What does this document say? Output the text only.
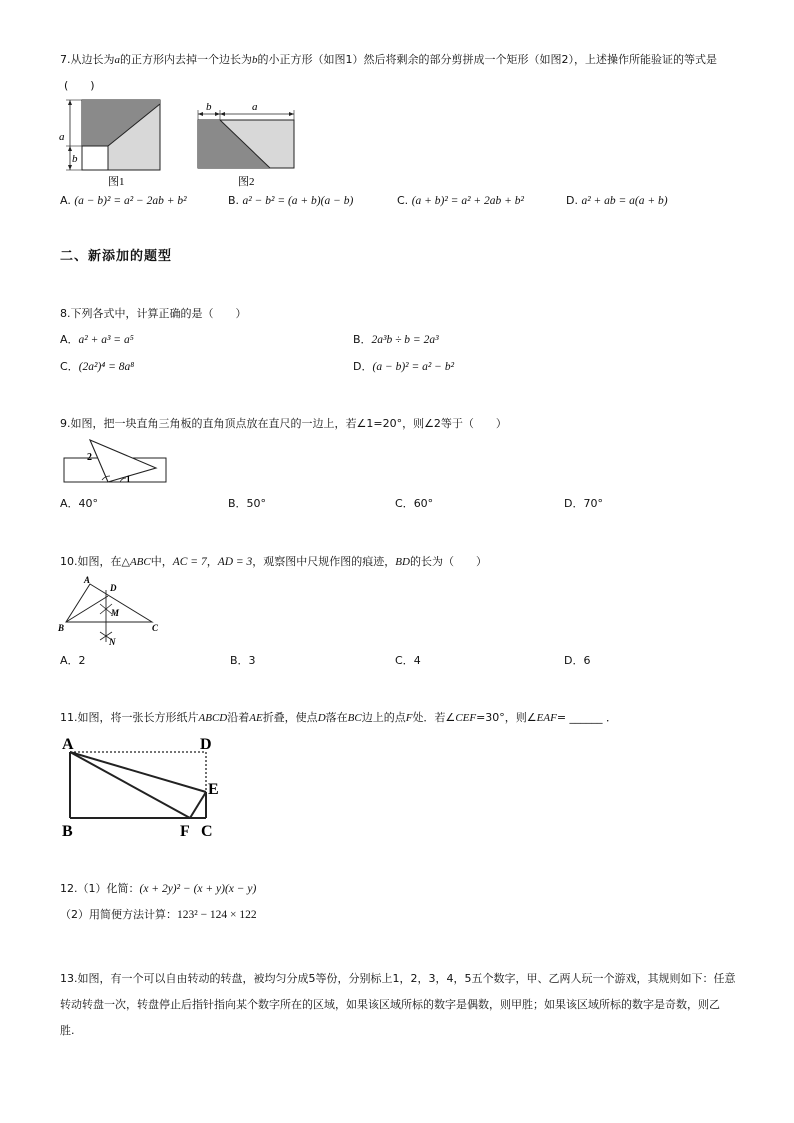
7.从边长为a的正方形内去掉一个边长为b的小正方形（如图1）然后将剩余的部分剪拼成一个矩形（如图2），上述操作所能验证的等式是
(　　)
a
b
图1
b	a
图2
A. (a − b)² = a² − 2ab + b²	B. a² − b² = (a + b)(a − b)	C. (a + b)² = a² + 2ab + b²	D. a² + ab = a(a + b)
二、新添加的题型
8.下列各式中，计算正确的是（　　）
A．a² + a³ = a⁵	B．2a³b ÷ b = 2a³
C．(2a²)⁴ = 8a⁸	D．(a − b)² = a² − b²
9.如图，把一块直角三角板的直角顶点放在直尺的一边上，若∠1=20°，则∠2等于（　　）
2
1
A．40°	B．50°	C．60°	D．70°
10.如图，在△ABC中，AC = 7，AD = 3，观察图中尺规作图的痕迹，BD的长为（　　）
A
B	C
D
M
N
A．2	B．3	C．4	D．6
11.如图，将一张长方形纸片ABCD沿着AE折叠，使点D落在BC边上的点F处．若∠CEF=30°，则∠EAF= ______ ．
A	D
E
B	F C
12.（1）化简：(x + 2y)² − (x + y)(x − y)
（2）用简便方法计算：123² − 124 × 122
13.如图，有一个可以自由转动的转盘，被均匀分成5等份，分别标上1，2，3，4，5五个数字，甲、乙两人玩一个游戏，其规则如下：任意
转动转盘一次，转盘停止后指针指向某个数字所在的区域，如果该区域所标的数字是偶数，则甲胜；如果该区域所标的数字是奇数，则乙
胜.
